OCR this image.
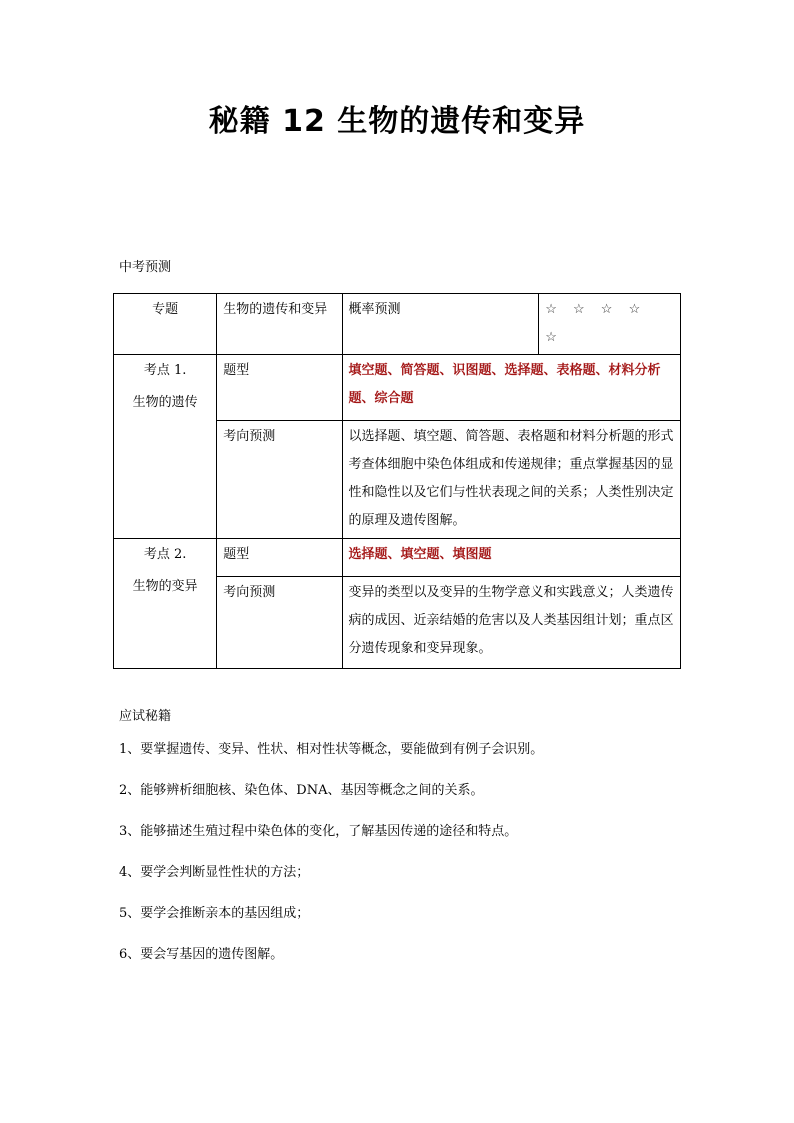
秘籍 12 生物的遗传和变异
中考预测
专题	生物的遗传和变异	概率预测	☆ ☆ ☆ ☆ ☆

考点 1.
生物的遗传	题型	填空题、简答题、识图题、选择题、表格题、材料分析题、综合题	
	考向预测	以选择题、填空题、简答题、表格题和材料分析题的形式考查体细胞中染色体组成和传递规律；重点掌握基因的显性和隐性以及它们与性状表现之间的关系；人类性别决定的原理及遗传图解。	

考点 2.
生物的变异	题型	选择题、填空题、填图题	
	考向预测	变异的类型以及变异的生物学意义和实践意义；人类遗传病的成因、近亲结婚的危害以及人类基因组计划；重点区分遗传现象和变异现象。	
应试秘籍
1、要掌握遗传、变异、性状、相对性状等概念，要能做到有例子会识别。
2、能够辨析细胞核、染色体、DNA、基因等概念之间的关系。
3、能够描述生殖过程中染色体的变化，了解基因传递的途径和特点。
4、要学会判断显性性状的方法；
5、要学会推断亲本的基因组成；
6、要会写基因的遗传图解。
